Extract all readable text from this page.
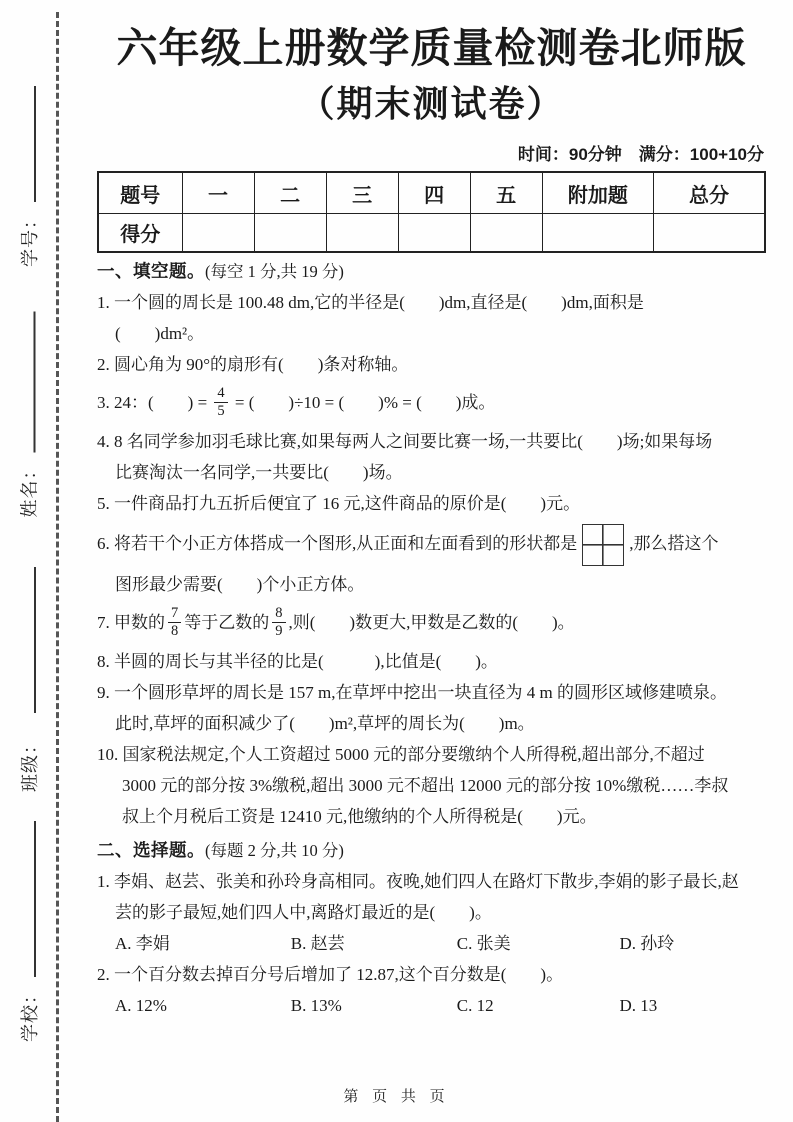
学号：
姓名：
班级：
学校：
六年级上册数学质量检测卷北师版
（期末测试卷）
时间：90分钟　满分：100+10分
题号	一	二	三	四	五	附加题	总分
得分							
一、填空题。(每空 1 分,共 19 分)
1. 一个圆的周长是 100.48 dm,它的半径是(　　)dm,直径是(　　)dm,面积是
(　　)dm²。
2. 圆心角为 90°的扇形有(　　)条对称轴。
3. 24：(　　) = $\frac{4}{5}$ = (　　)÷10 = (　　)% = (　　)成。
4. 8 名同学参加羽毛球比赛,如果每两人之间要比赛一场,一共要比(　　)场;如果每场
比赛淘汰一名同学,一共要比(　　)场。
5. 一件商品打九五折后便宜了 16 元,这件商品的原价是(　　)元。
6. 将若干个小正方体搭成一个图形,从正面和左面看到的形状都是	,那么搭这个
图形最少需要(　　)个小正方体。
7. 甲数的 $\frac{7}{8}$ 等于乙数的 $\frac{8}{9}$ ,则(　　)数更大,甲数是乙数的(　　)。
8. 半圆的周长与其半径的比是(　　　),比值是(　　)。
9. 一个圆形草坪的周长是 157 m,在草坪中挖出一块直径为 4 m 的圆形区域修建喷泉。
此时,草坪的面积减少了(　　)m²,草坪的周长为(　　)m。
10. 国家税法规定,个人工资超过 5000 元的部分要缴纳个人所得税,超出部分,不超过
3000 元的部分按 3%缴税,超出 3000 元不超出 12000 元的部分按 10%缴税……李叔
叔上个月税后工资是 12410 元,他缴纳的个人所得税是(　　)元。
二、选择题。(每题 2 分,共 10 分)
1. 李娟、赵芸、张美和孙玲身高相同。夜晚,她们四人在路灯下散步,李娟的影子最长,赵
芸的影子最短,她们四人中,离路灯最近的是(　　)。
A. 李娟	B. 赵芸	C. 张美	D. 孙玲
2. 一个百分数去掉百分号后增加了 12.87,这个百分数是(　　)。
A. 12%	B. 13%	C. 12	D. 13
第 页 共 页
